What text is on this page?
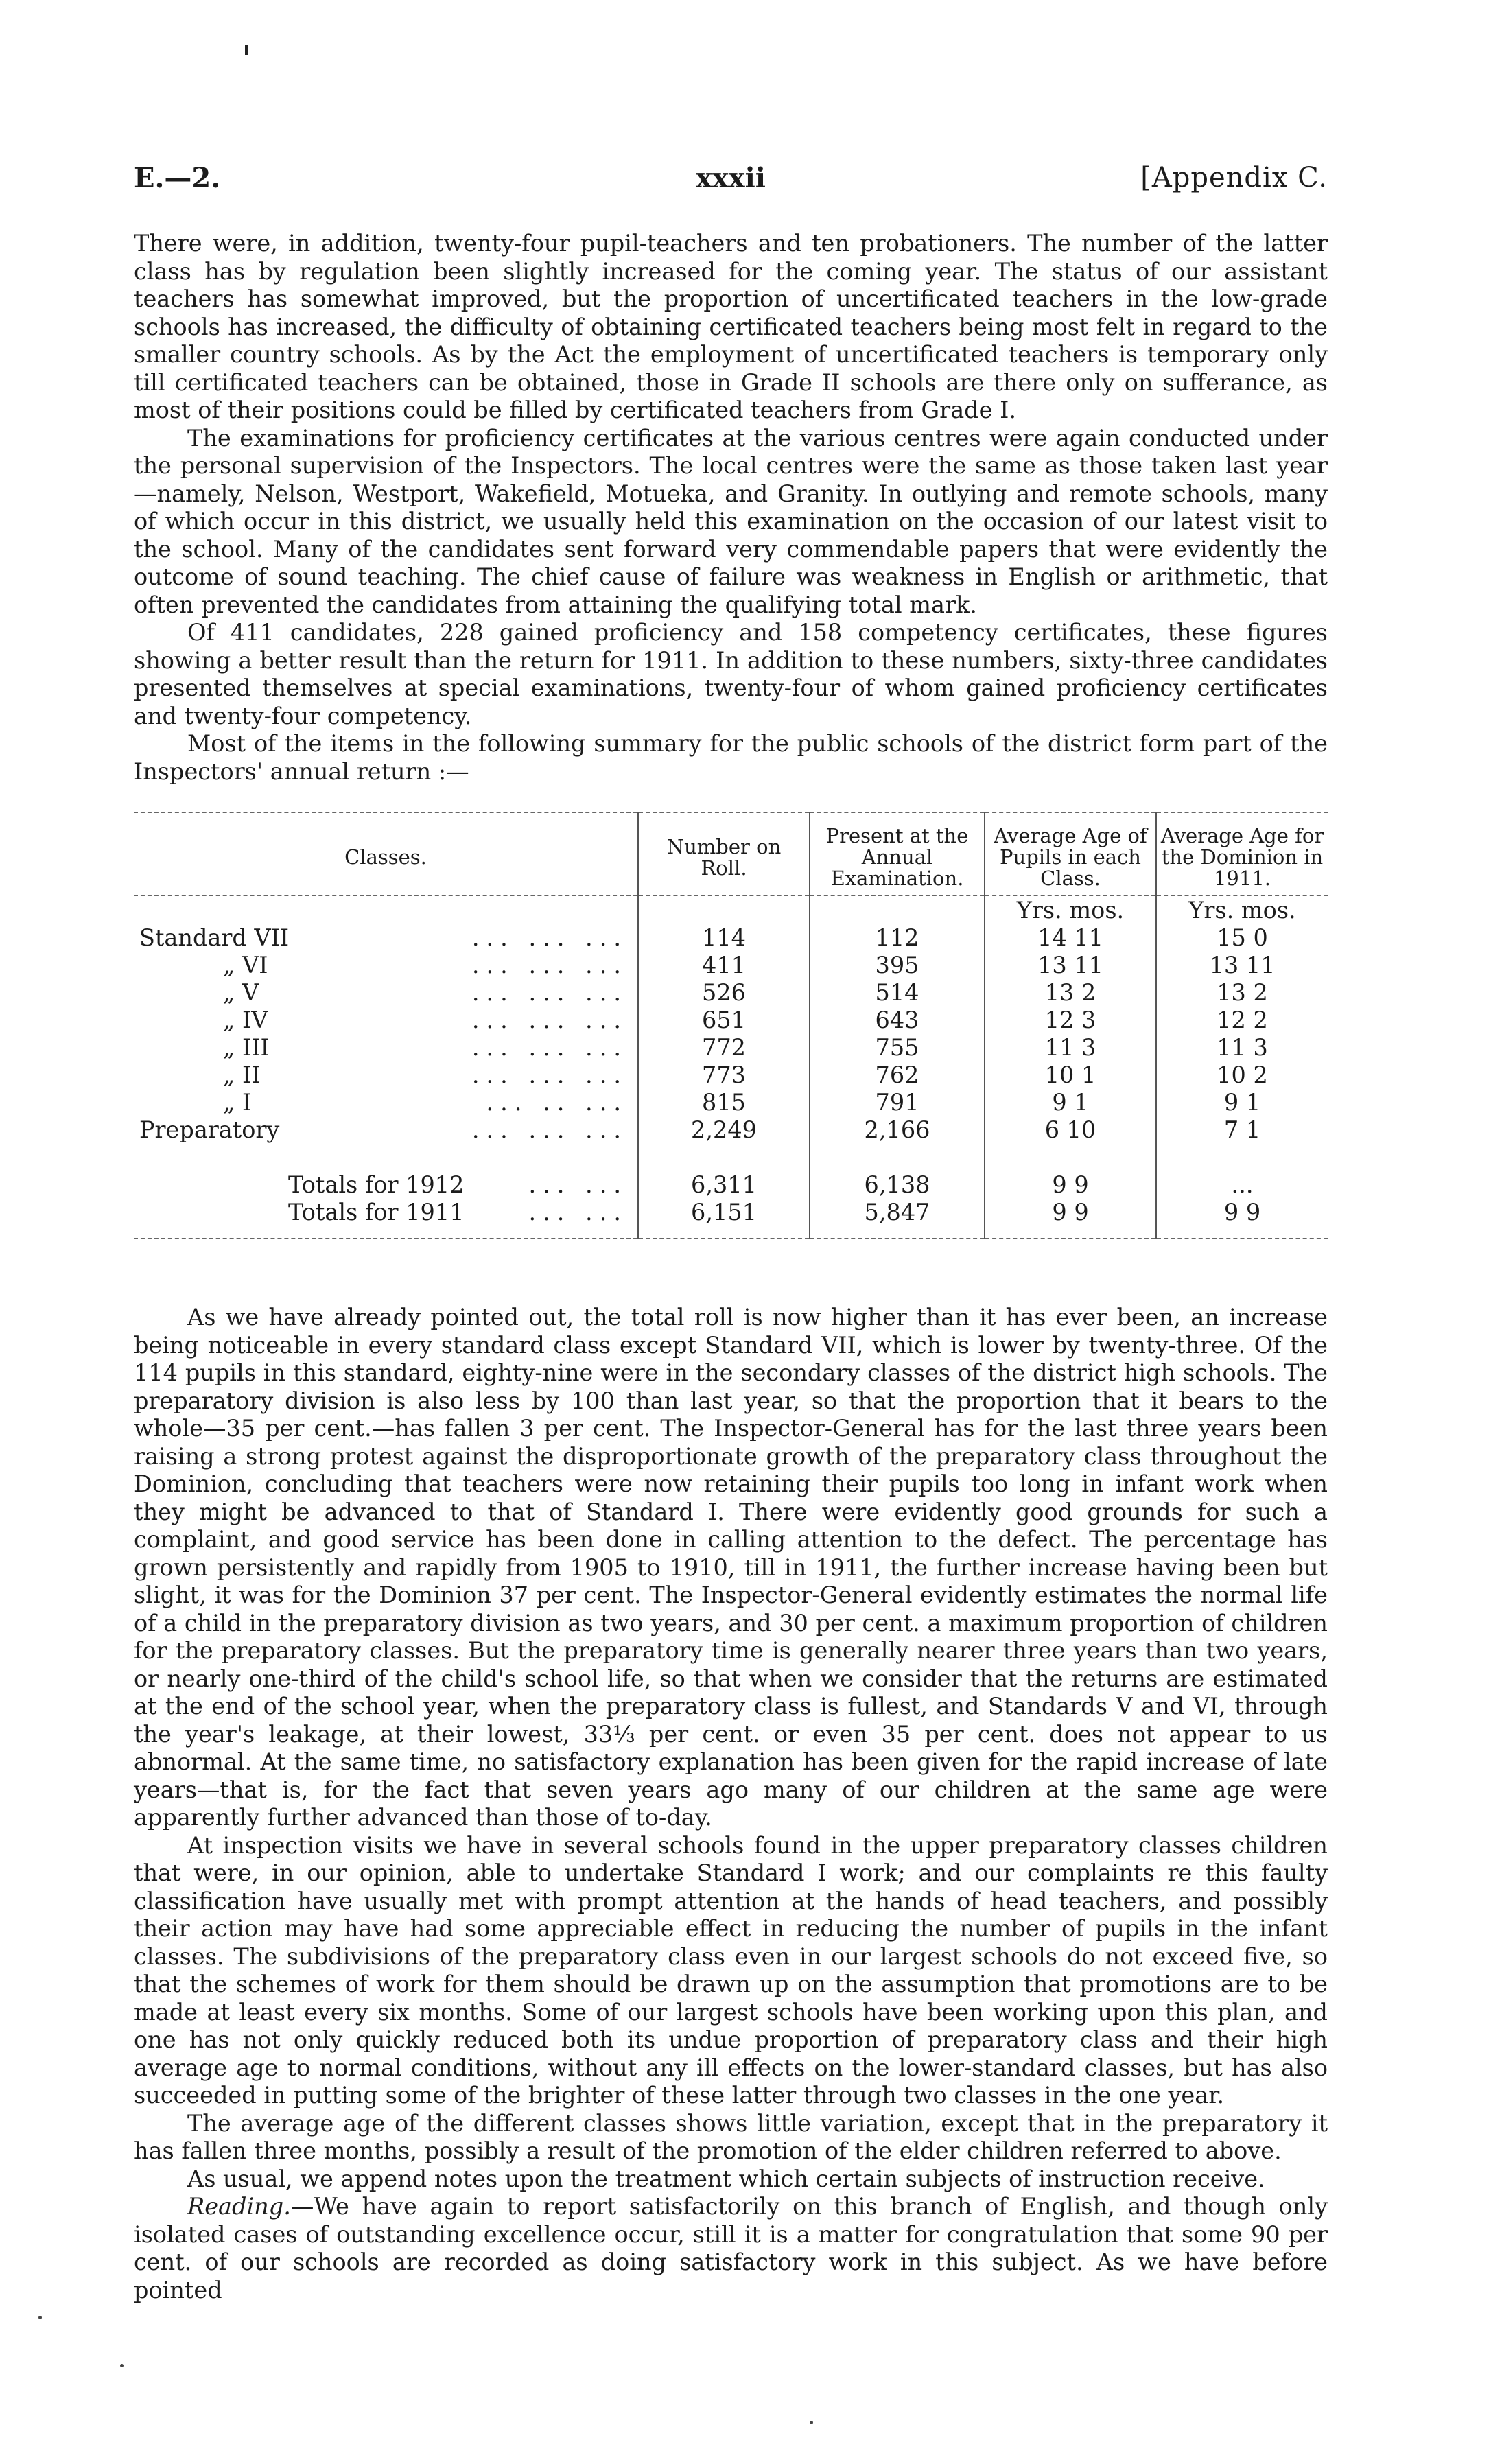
E.—2.	xxxii	[Appendix C.

There were, in addition, twenty-four pupil-teachers and ten probationers. The number of the latter class has by regulation been slightly increased for the coming year. The status of our assistant teachers has somewhat improved, but the proportion of uncertificated teachers in the low-grade schools has increased, the difficulty of obtaining certificated teachers being most felt in regard to the smaller country schools. As by the Act the employment of uncertificated teachers is temporary only till certificated teachers can be obtained, those in Grade II schools are there only on sufferance, as most of their positions could be filled by certificated teachers from Grade I.

The examinations for proficiency certificates at the various centres were again conducted under the personal supervision of the Inspectors. The local centres were the same as those taken last year —namely, Nelson, Westport, Wakefield, Motueka, and Granity. In outlying and remote schools, many of which occur in this district, we usually held this examination on the occasion of our latest visit to the school. Many of the candidates sent forward very commendable papers that were evidently the outcome of sound teaching. The chief cause of failure was weakness in English or arithmetic, that often prevented the candidates from attaining the qualifying total mark.

Of 411 candidates, 228 gained proficiency and 158 competency certificates, these figures showing a better result than the return for 1911. In addition to these numbers, sixty-three candidates presented themselves at special examinations, twenty-four of whom gained proficiency certificates and twenty-four competency.

Most of the items in the following summary for the public schools of the district form part of the Inspectors' annual return :—

Classes.	Number on Roll.	Present at the Annual Examination.	Average Age of Pupils in each Class.	Average Age for the Dominion in 1911.
			Yrs. mos.	Yrs. mos.
Standard VII ... ... ...	114	112	14 11	15 0
„ VI ... ... ...	411	395	13 11	13 11
„ V ... ... ...	526	514	13 2	13 2
„ IV ... ... ...	651	643	12 3	12 2
„ III ... ... ...	772	755	11 3	11 3
„ II ... ... ...	773	762	10 1	10 2
„ I ... .. ...	815	791	9 1	9 1
Preparatory ... ... ...	2,249	2,166	6 10	7 1

Totals for 1912 ... ...	6,311	6,138	9 9	...
Totals for 1911 ... ...	6,151	5,847	9 9	9 9

As we have already pointed out, the total roll is now higher than it has ever been, an increase being noticeable in every standard class except Standard VII, which is lower by twenty-three. Of the 114 pupils in this standard, eighty-nine were in the secondary classes of the district high schools. The preparatory division is also less by 100 than last year, so that the proportion that it bears to the whole—35 per cent.—has fallen 3 per cent. The Inspector-General has for the last three years been raising a strong protest against the disproportionate growth of the preparatory class throughout the Dominion, concluding that teachers were now retaining their pupils too long in infant work when they might be advanced to that of Standard I. There were evidently good grounds for such a complaint, and good service has been done in calling attention to the defect. The percentage has grown persistently and rapidly from 1905 to 1910, till in 1911, the further increase having been but slight, it was for the Dominion 37 per cent. The Inspector-General evidently estimates the normal life of a child in the preparatory division as two years, and 30 per cent. a maximum proportion of children for the preparatory classes. But the preparatory time is generally nearer three years than two years, or nearly one-third of the child's school life, so that when we consider that the returns are estimated at the end of the school year, when the preparatory class is fullest, and Standards V and VI, through the year's leakage, at their lowest, 33⅓ per cent. or even 35 per cent. does not appear to us abnormal. At the same time, no satisfactory explanation has been given for the rapid increase of late years—that is, for the fact that seven years ago many of our children at the same age were apparently further advanced than those of to-day.

At inspection visits we have in several schools found in the upper preparatory classes children that were, in our opinion, able to undertake Standard I work; and our complaints re this faulty classification have usually met with prompt attention at the hands of head teachers, and possibly their action may have had some appreciable effect in reducing the number of pupils in the infant classes. The subdivisions of the preparatory class even in our largest schools do not exceed five, so that the schemes of work for them should be drawn up on the assumption that promotions are to be made at least every six months. Some of our largest schools have been working upon this plan, and one has not only quickly reduced both its undue proportion of preparatory class and their high average age to normal conditions, without any ill effects on the lower-standard classes, but has also succeeded in putting some of the brighter of these latter through two classes in the one year.

The average age of the different classes shows little variation, except that in the preparatory it has fallen three months, possibly a result of the promotion of the elder children referred to above.

As usual, we append notes upon the treatment which certain subjects of instruction receive.

Reading.—We have again to report satisfactorily on this branch of English, and though only isolated cases of outstanding excellence occur, still it is a matter for congratulation that some 90 per cent. of our schools are recorded as doing satisfactory work in this subject. As we have before pointed
